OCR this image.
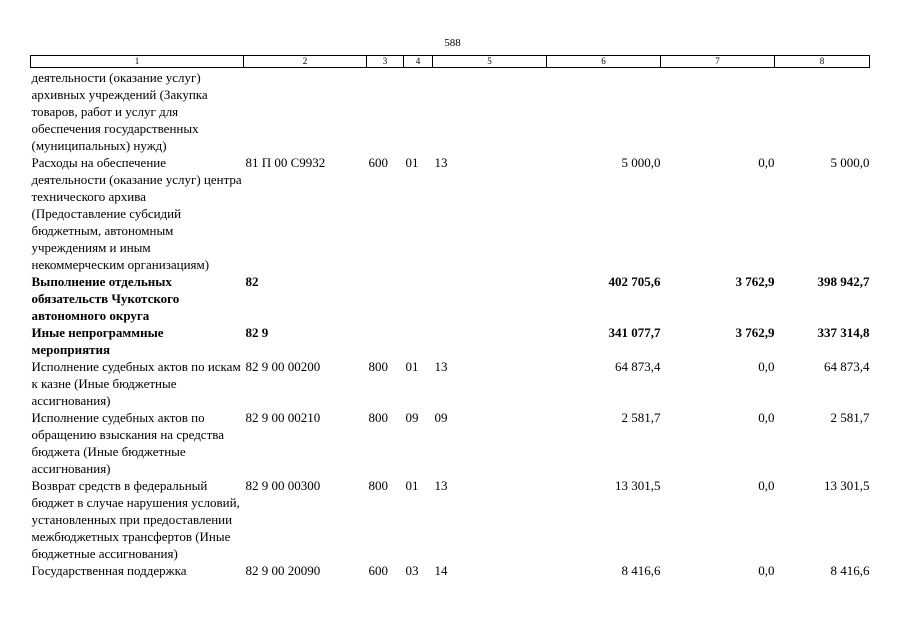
588
1	2	3	4	5	6	7	8
деятельности (оказание услуг) архивных учреждений (Закупка товаров, работ и услуг для обеспечения государственных (муниципальных) нужд)							
Расходы на обеспечение деятельности (оказание услуг) центра технического архива (Предоставление субсидий бюджетным, автономным учреждениям и иным некоммерческим организациям)	81 П 00 С9932	600	01	13	5 000,0	0,0	5 000,0
Выполнение отдельных обязательств Чукотского автономного округа	82				402 705,6	3 762,9	398 942,7
Иные непрограммные мероприятия	82 9				341 077,7	3 762,9	337 314,8
Исполнение судебных актов по искам к казне (Иные бюджетные ассигнования)	82 9 00 00200	800	01	13	64 873,4	0,0	64 873,4
Исполнение судебных актов по обращению взыскания на средства бюджета (Иные бюджетные ассигнования)	82 9 00 00210	800	09	09	2 581,7	0,0	2 581,7
Возврат средств в федеральный бюджет в случае нарушения условий, установленных при предоставлении межбюджетных трансфертов (Иные бюджетные ассигнования)	82 9 00 00300	800	01	13	13 301,5	0,0	13 301,5
Государственная поддержка	82 9 00 20090	600	03	14	8 416,6	0,0	8 416,6
